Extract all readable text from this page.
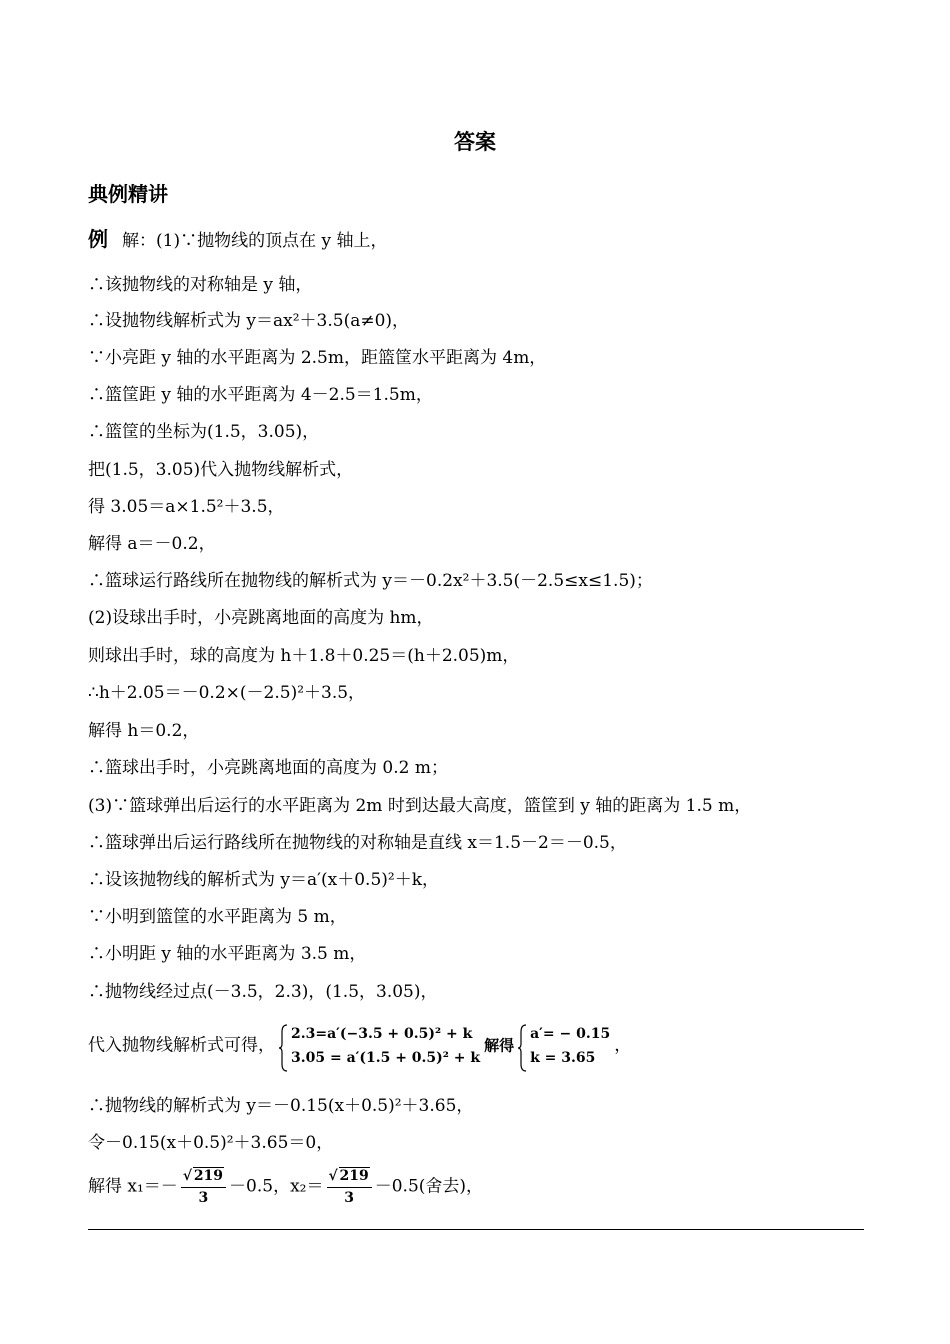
答案
典例精讲
例 解：(1)∵抛物线的顶点在 y 轴上，
∴该抛物线的对称轴是 y 轴，
∴设抛物线解析式为 y＝ax²＋3.5(a≠0)，
∵小亮距 y 轴的水平距离为 2.5m，距篮筐水平距离为 4m，
∴篮筐距 y 轴的水平距离为 4－2.5＝1.5m，
∴篮筐的坐标为(1.5，3.05)，
把(1.5，3.05)代入抛物线解析式，
得 3.05＝a×1.5²＋3.5，
解得 a＝－0.2，
∴篮球运行路线所在抛物线的解析式为 y＝－0.2x²＋3.5(－2.5≤x≤1.5)；
(2)设球出手时，小亮跳离地面的高度为 hm，
则球出手时，球的高度为 h＋1.8＋0.25＝(h＋2.05)m，
∴h＋2.05＝－0.2×(－2.5)²＋3.5，
解得 h＝0.2，
∴篮球出手时，小亮跳离地面的高度为 0.2 m；
(3)∵篮球弹出后运行的水平距离为 2m 时到达最大高度，篮筐到 y 轴的距离为 1.5 m，
∴篮球弹出后运行路线所在抛物线的对称轴是直线 x＝1.5－2＝－0.5，
∴设该抛物线的解析式为 y＝a′(x＋0.5)²＋k，
∵小明到篮筐的水平距离为 5 m，
∴小明距 y 轴的水平距离为 3.5 m，
∴抛物线经过点(－3.5，2.3)，(1.5，3.05)，
代入抛物线解析式可得，
2.3=a′(−3.5 + 0.5)² + k
3.05 = a′(1.5 + 0.5)² + k
解得
a′= − 0.15
k = 3.65
，
∴抛物线的解析式为 y＝－0.15(x＋0.5)²＋3.65，
令－0.15(x＋0.5)²＋3.65＝0，
解得 $x_1=- \frac{√ 219}{3} -0.5$，$x_2= \frac{√ 219}{3} -0.5$(舍去)，
